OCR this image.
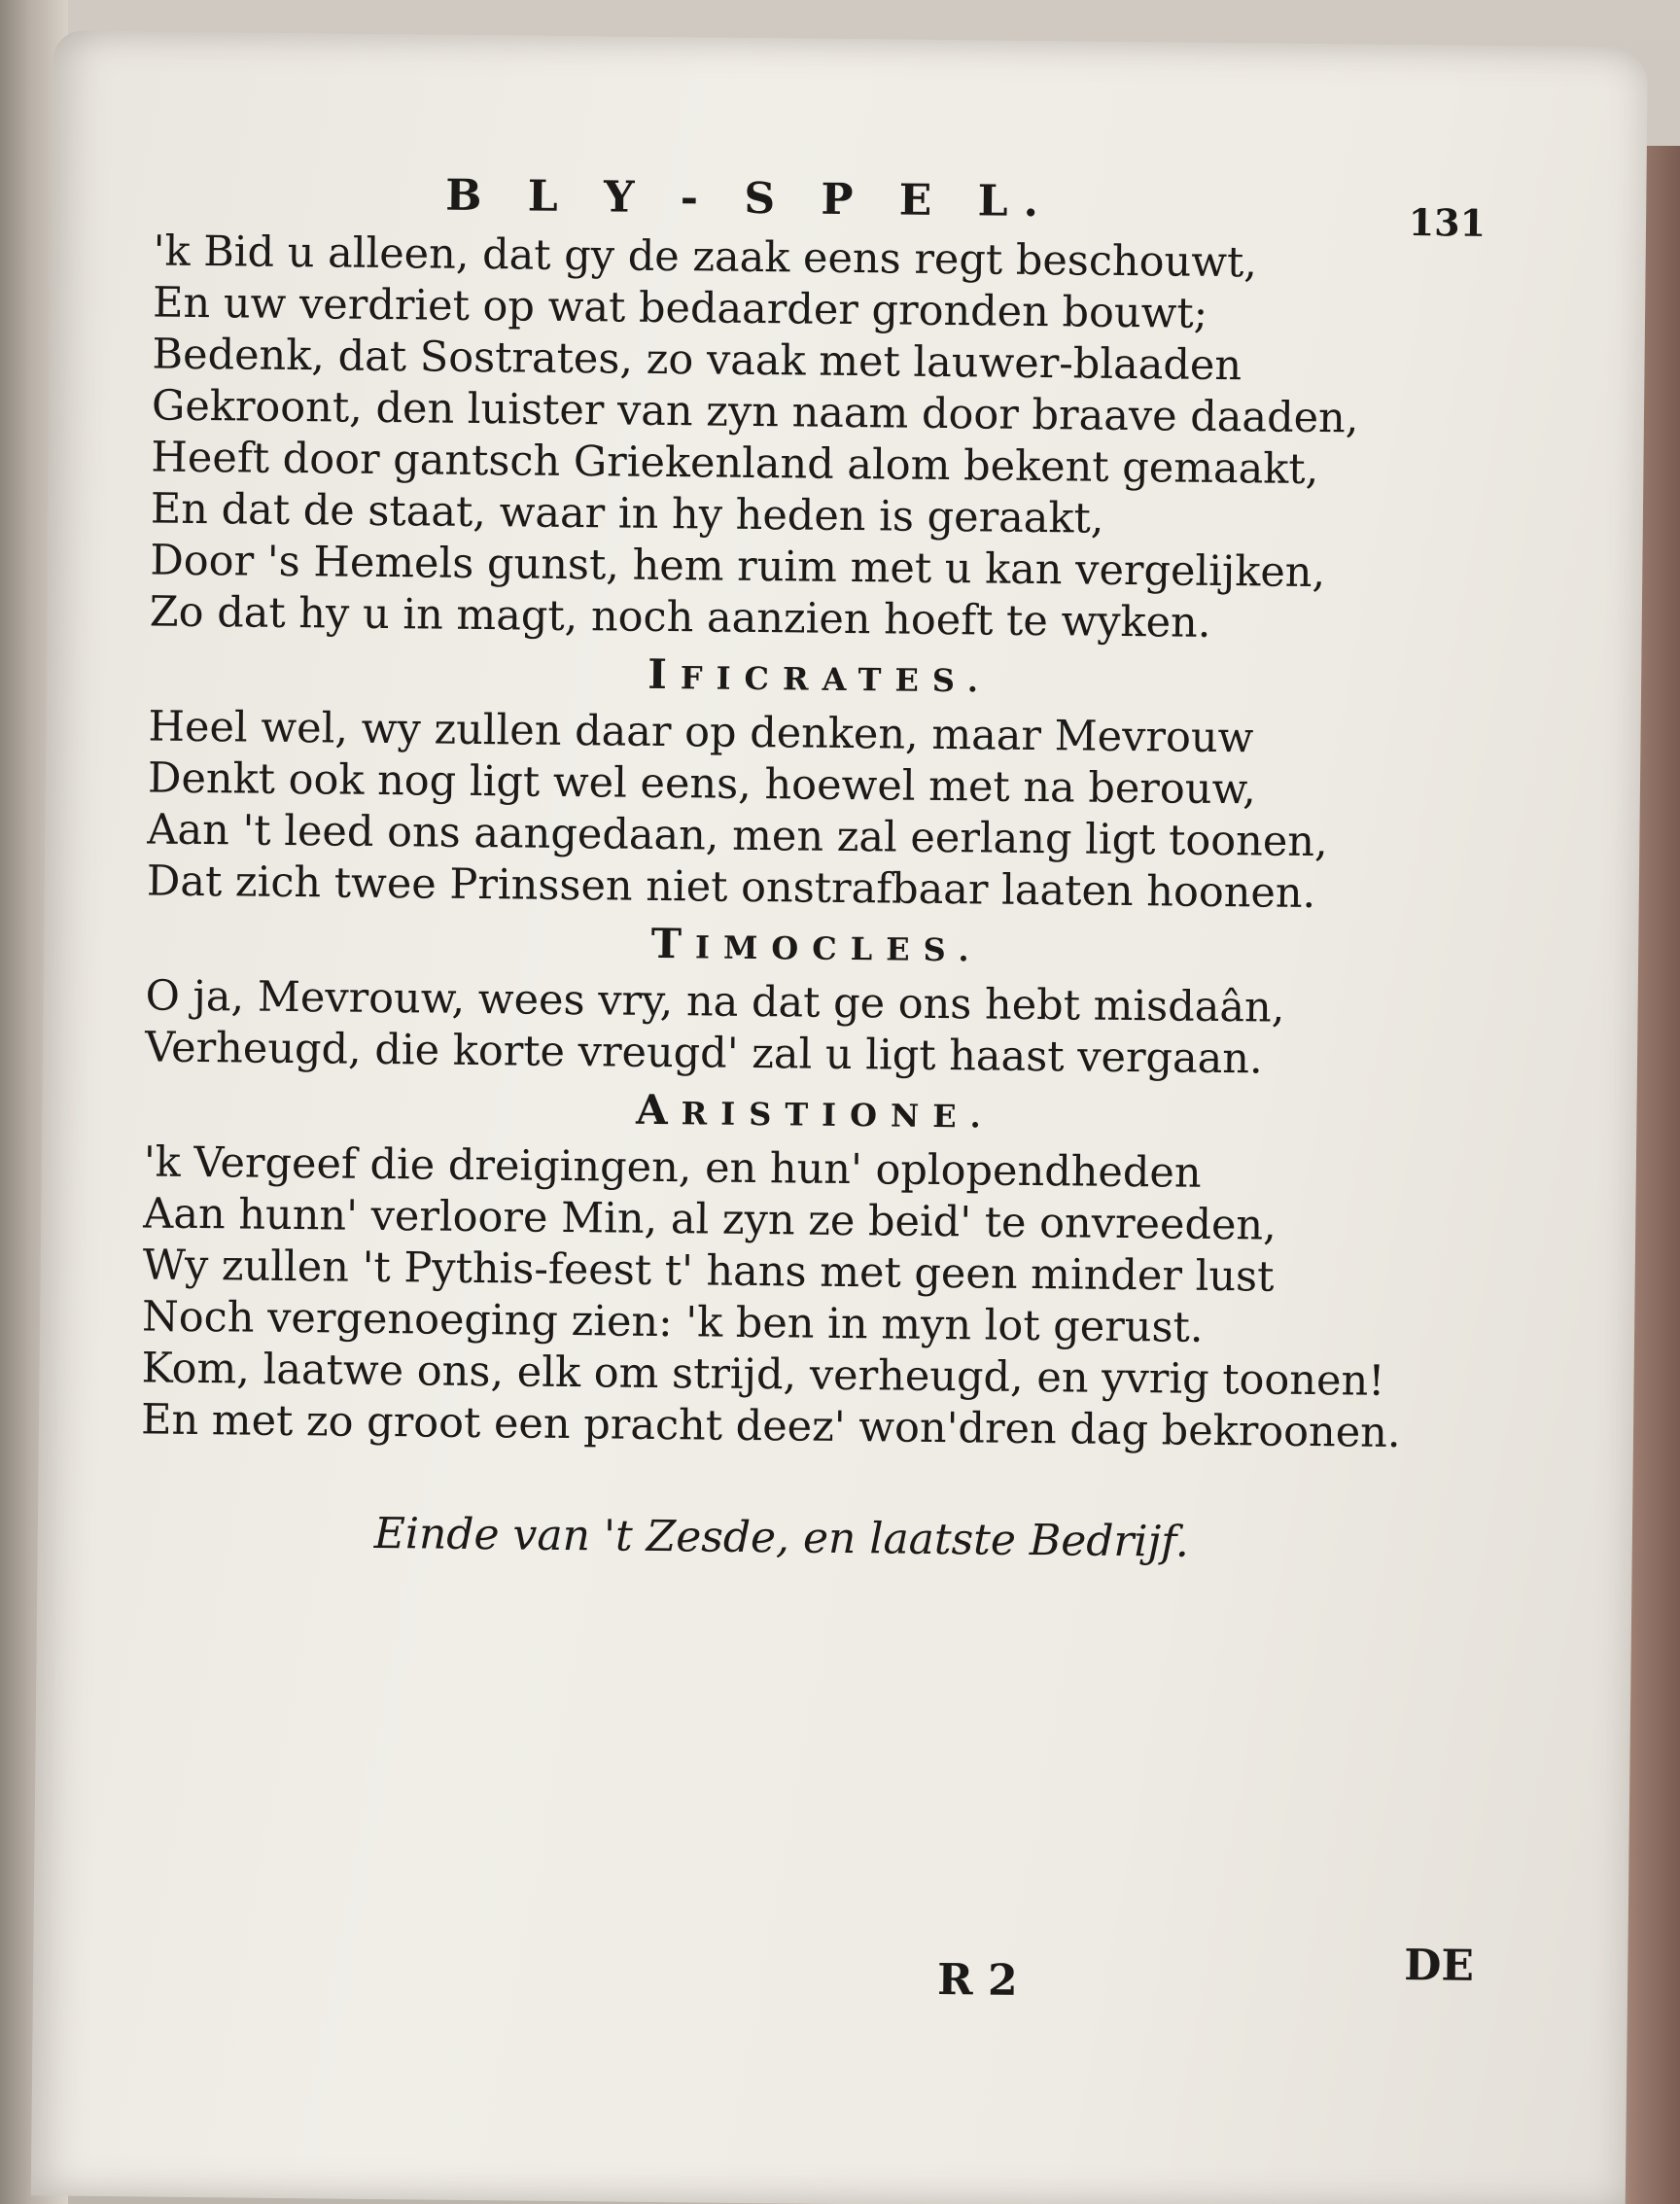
B L Y - S P E L.	131
'k Bid u alleen, dat gy de zaak eens regt beschouwt,
En uw verdriet op wat bedaarder gronden bouwt;
Bedenk, dat Sostrates, zo vaak met lauwer-blaaden
Gekroont, den luister van zyn naam door braave daaden,
Heeft door gantsch Griekenland alom bekent gemaakt,
En dat de staat, waar in hy heden is geraakt,
Door 's Hemels gunst, hem ruim met u kan vergelijken,
Zo dat hy u in magt, noch aanzien hoeft te wyken.
IFICRATES.
Heel wel, wy zullen daar op denken, maar Mevrouw
Denkt ook nog ligt wel eens, hoewel met na berouw,
Aan 't leed ons aangedaan, men zal eerlang ligt toonen,
Dat zich twee Prinssen niet onstrafbaar laaten hoonen.
TIMOCLES.
O ja, Mevrouw, wees vry, na dat ge ons hebt misdaân,
Verheugd, die korte vreugd' zal u ligt haast vergaan.
ARISTIONE.
'k Vergeef die dreigingen, en hun' oplopendheden
Aan hunn' verloore Min, al zyn ze beid' te onvreeden,
Wy zullen 't Pythis-feest t' hans met geen minder lust
Noch vergenoeging zien: 'k ben in myn lot gerust.
Kom, laatwe ons, elk om strijd, verheugd, en yvrig toonen!
En met zo groot een pracht deez' won'dren dag bekroonen.
Einde van 't Zesde, en laatste Bedrijf.
R 2	DE
